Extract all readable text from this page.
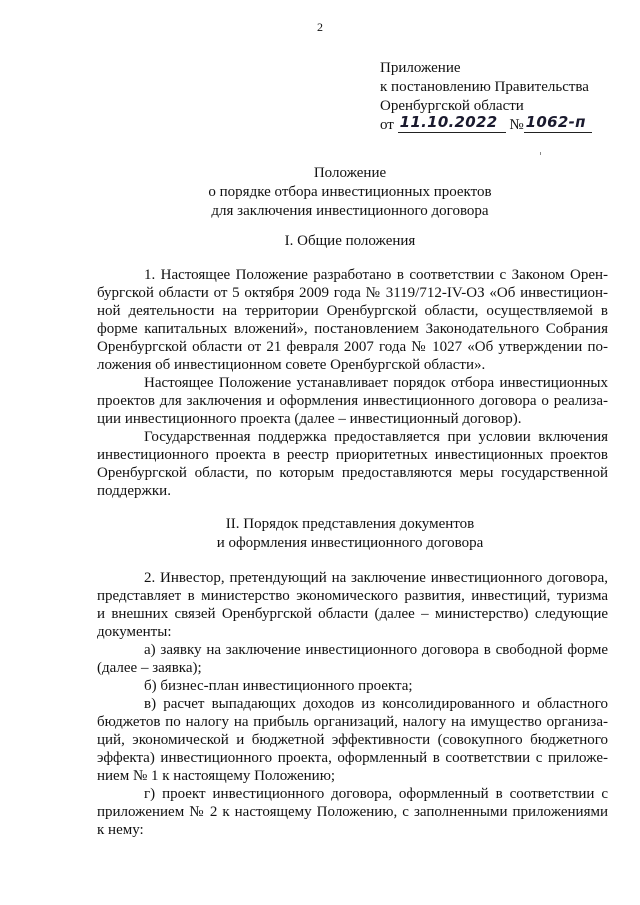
2
Приложение
к постановлению Правительства
Оренбургской области
от 11.10.2022 № 1062-п
Положение
о порядке отбора инвестиционных проектов
для заключения инвестиционного договора
I. Общие положения

1. Настоящее Положение разработано в соответствии с Законом Орен-

бургской области от 5 октября 2009 года № 3119/712-IV-ОЗ «Об инвестицион-
ной деятельности на территории Оренбургской области, осуществляемой в
форме капитальных вложений», постановлением Законодательного Собрания
Оренбургской области от 21 февраля 2007 года № 1027 «Об утверждении по-
ложения об инвестиционном совете Оренбургской области».

Настоящее Положение устанавливает порядок отбора инвестиционных

проектов для заключения и оформления инвестиционного договора о реализа-
ции инвестиционного проекта (далее – инвестиционный договор).

Государственная поддержка предоставляется при условии включения

инвестиционного проекта в реестр приоритетных инвестиционных проектов
Оренбургской области, по которым предоставляются меры государственной
поддержки.

II. Порядок представления документов
и оформления инвестиционного договора

2. Инвестор, претендующий на заключение инвестиционного договора,

представляет в министерство экономического развития, инвестиций, туризма
и внешних связей Оренбургской области (далее – министерство) следующие
документы:

а) заявку на заключение инвестиционного договора в свободной форме

(далее – заявка);

б) бизнес-план инвестиционного проекта;

в) расчет выпадающих доходов из консолидированного и областного

бюджетов по налогу на прибыль организаций, налогу на имущество организа-
ций, экономической и бюджетной эффективности (совокупного бюджетного
эффекта) инвестиционного проекта, оформленный в соответствии с приложе-
нием № 1 к настоящему Положению;

г) проект инвестиционного договора, оформленный в соответствии с

приложением № 2 к настоящему Положению, с заполненными приложениями
к нему:
